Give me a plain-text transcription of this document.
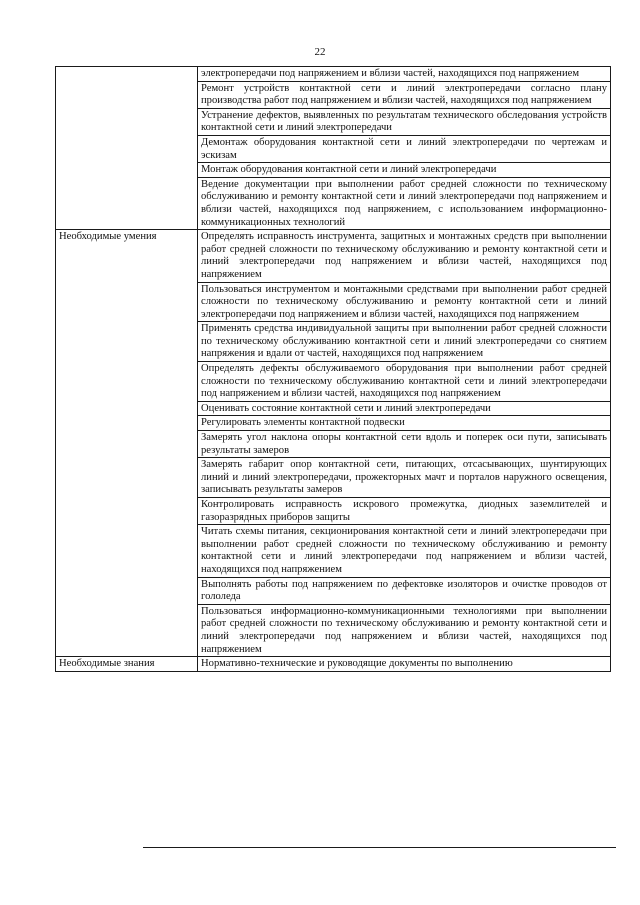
22
	электропередачи под напряжением и вблизи частей, находящихся под напряжением
	Ремонт устройств контактной сети и линий электропередачи согласно плану производства работ под напряжением и вблизи частей, находящихся под напряжением
	Устранение дефектов, выявленных по результатам технического обследования устройств контактной сети и линий электропередачи
	Демонтаж оборудования контактной сети и линий электропередачи по чертежам и эскизам
	Монтаж оборудования контактной сети и линий электропередачи
	Ведение документации при выполнении работ средней сложности по техническому обслуживанию и ремонту контактной сети и линий электропередачи под напряжением и вблизи частей, находящихся под напряжением, с использованием информационно-коммуникационных технологий
Необходимые умения	Определять исправность инструмента, защитных и монтажных средств при выполнении работ средней сложности по техническому обслуживанию и ремонту контактной сети и линий электропередачи под напряжением и вблизи частей, находящихся под напряжением
	Пользоваться инструментом и монтажными средствами при выполнении работ средней сложности по техническому обслуживанию и ремонту контактной сети и линий электропередачи под напряжением и вблизи частей, находящихся под напряжением
	Применять средства индивидуальной защиты при выполнении работ средней сложности по техническому обслуживанию контактной сети и линий электропередачи со снятием напряжения и вдали от частей, находящихся под напряжением
	Определять дефекты обслуживаемого оборудования при выполнении работ средней сложности по техническому обслуживанию контактной сети и линий электропередачи под напряжением и вблизи частей, находящихся под напряжением
	Оценивать состояние контактной сети и линий электропередачи
	Регулировать элементы контактной подвески
	Замерять угол наклона опоры контактной сети вдоль и поперек оси пути, записывать результаты замеров
	Замерять габарит опор контактной сети, питающих, отсасывающих, шунтирующих линий и линий электропередачи, прожекторных мачт и порталов наружного освещения, записывать результаты замеров
	Контролировать исправность искрового промежутка, диодных заземлителей и газоразрядных приборов защиты
	Читать схемы питания, секционирования контактной сети и линий электропередачи при выполнении работ средней сложности по техническому обслуживанию и ремонту контактной сети и линий электропередачи под напряжением и вблизи частей, находящихся под напряжением
	Выполнять работы под напряжением по дефектовке изоляторов и очистке проводов от гололеда
	Пользоваться информационно-коммуникационными технологиями при выполнении работ средней сложности по техническому обслуживанию и ремонту контактной сети и линий электропередачи под напряжением и вблизи частей, находящихся под напряжением
Необходимые знания	Нормативно-технические и руководящие документы по выполнению
